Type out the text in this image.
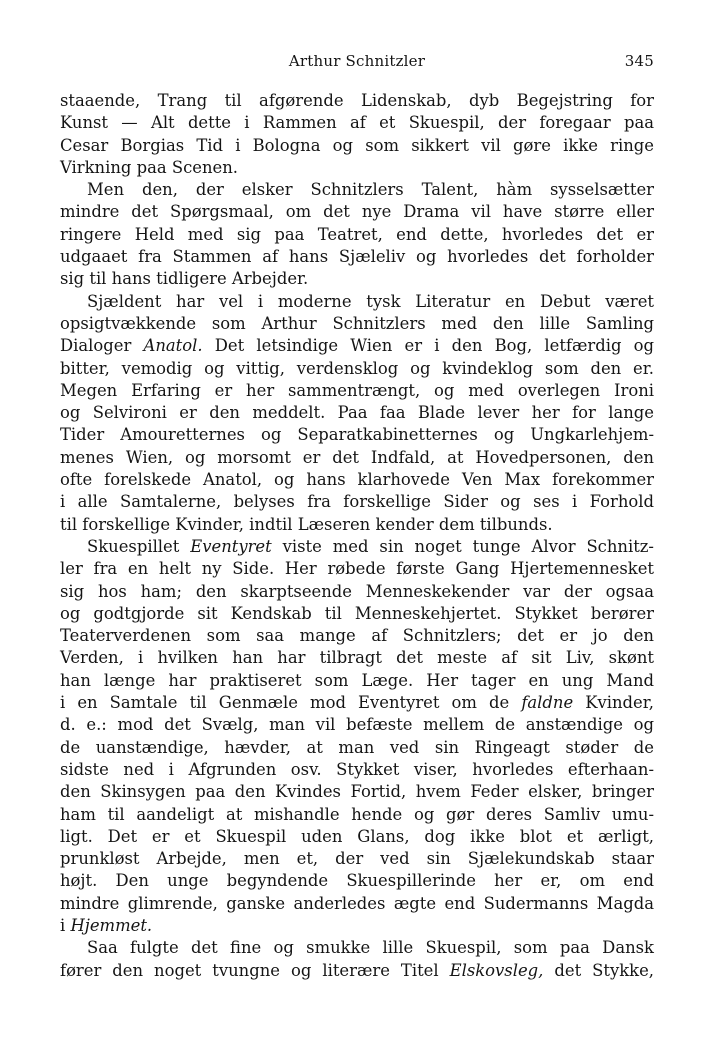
Arthur Schnitzler	345

staaende, Trang til afgørende Lidenskab, dyb Begejstring for
Kunst — Alt dette i Rammen af et Skuespil, der foregaar paa
Cesar Borgias Tid i Bologna og som sikkert vil gøre ikke ringe
Virkning paa Scenen.

Men den, der elsker Schnitzlers Talent, hàm sysselsætter
mindre det Spørgsmaal, om det nye Drama vil have større eller
ringere Held med sig paa Teatret, end dette, hvorledes det er
udgaaet fra Stammen af hans Sjæleliv og hvorledes det forholder
sig til hans tidligere Arbejder.

Sjældent har vel i moderne tysk Literatur en Debut været
opsigtvækkende som Arthur Schnitzlers med den lille Samling
Dialoger Anatol. Det letsindige Wien er i den Bog, letfærdig og
bitter, vemodig og vittig, verdensklog og kvindeklog som den er.
Megen Erfaring er her sammentrængt, og med overlegen Ironi
og Selvironi er den meddelt. Paa faa Blade lever her for lange
Tider Amouretternes og Separatkabinetternes og Ungkarlehjem-
menes Wien, og morsomt er det Indfald, at Hovedpersonen, den
ofte forelskede Anatol, og hans klarhovede Ven Max forekommer
i alle Samtalerne, belyses fra forskellige Sider og ses i Forhold
til forskellige Kvinder, indtil Læseren kender dem tilbunds.

Skuespillet Eventyret viste med sin noget tunge Alvor Schnitz-
ler fra en helt ny Side. Her røbede første Gang Hjertemennesket
sig hos ham; den skarptseende Menneskekender var der ogsaa
og godtgjorde sit Kendskab til Menneskehjertet. Stykket berører
Teaterverdenen som saa mange af Schnitzlers; det er jo den
Verden, i hvilken han har tilbragt det meste af sit Liv, skønt
han længe har praktiseret som Læge. Her tager en ung Mand
i en Samtale til Genmæle mod Eventyret om de faldne Kvinder,
d. e.: mod det Svælg, man vil befæste mellem de anstændige og
de uanstændige, hævder, at man ved sin Ringeagt støder de
sidste ned i Afgrunden osv. Stykket viser, hvorledes efterhaan-
den Skinsygen paa den Kvindes Fortid, hvem Feder elsker, bringer
ham til aandeligt at mishandle hende og gør deres Samliv umu-
ligt. Det er et Skuespil uden Glans, dog ikke blot et ærligt,
prunkløst Arbejde, men et, der ved sin Sjælekundskab staar
højt. Den unge begyndende Skuespillerinde her er, om end
mindre glimrende, ganske anderledes ægte end Sudermanns Magda
i Hjemmet.

Saa fulgte det fine og smukke lille Skuespil, som paa Dansk
fører den noget tvungne og literære Titel Elskovsleg, det Stykke,
